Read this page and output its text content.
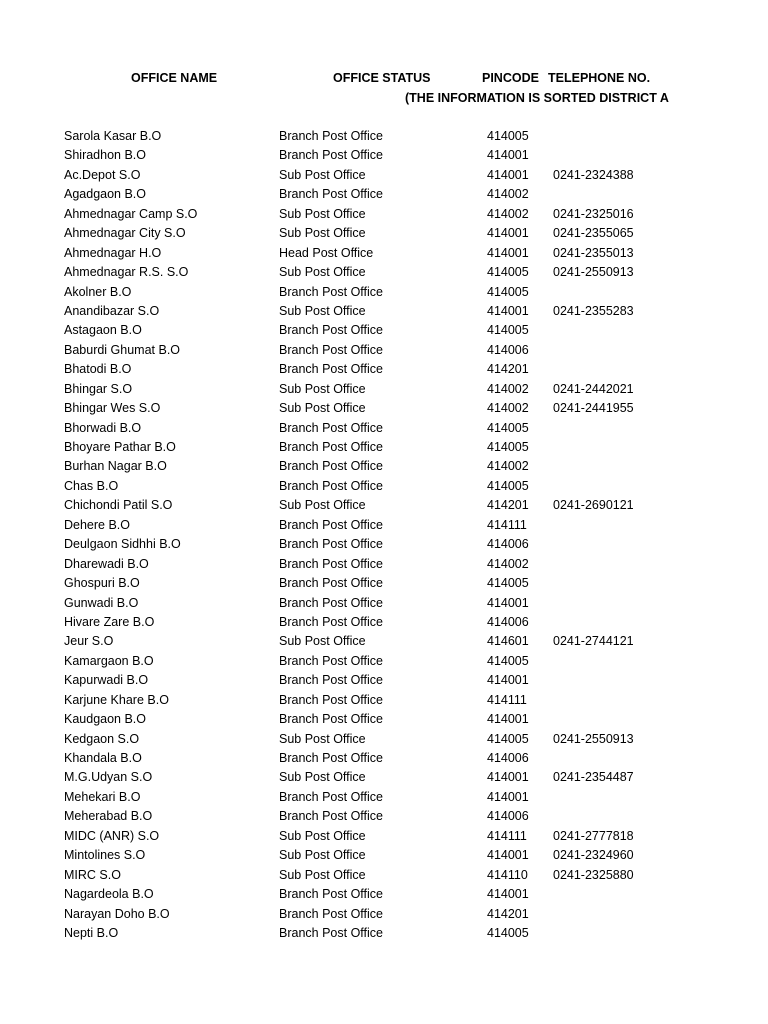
OFFICE NAME	OFFICE STATUS	PINCODE TELEPHONE NO.
(THE INFORMATION IS SORTED DISTRICT A
Sarola Kasar B.O	Branch Post Office	414005
Shiradhon B.O	Branch Post Office	414001
Ac.Depot S.O	Sub Post Office	414001 0241-2324388
Agadgaon B.O	Branch Post Office	414002
Ahmednagar Camp S.O	Sub Post Office	414002 0241-2325016
Ahmednagar City S.O	Sub Post Office	414001 0241-2355065
Ahmednagar H.O	Head Post Office	414001 0241-2355013
Ahmednagar R.S. S.O	Sub Post Office	414005 0241-2550913
Akolner B.O	Branch Post Office	414005
Anandibazar S.O	Sub Post Office	414001 0241-2355283
Astagaon B.O	Branch Post Office	414005
Baburdi Ghumat B.O	Branch Post Office	414006
Bhatodi B.O	Branch Post Office	414201
Bhingar S.O	Sub Post Office	414002 0241-2442021
Bhingar Wes S.O	Sub Post Office	414002 0241-2441955
Bhorwadi B.O	Branch Post Office	414005
Bhoyare Pathar B.O	Branch Post Office	414005
Burhan Nagar B.O	Branch Post Office	414002
Chas B.O	Branch Post Office	414005
Chichondi Patil S.O	Sub Post Office	414201 0241-2690121
Dehere B.O	Branch Post Office	414111
Deulgaon Sidhhi B.O	Branch Post Office	414006
Dharewadi B.O	Branch Post Office	414002
Ghospuri B.O	Branch Post Office	414005
Gunwadi B.O	Branch Post Office	414001
Hivare Zare B.O	Branch Post Office	414006
Jeur S.O	Sub Post Office	414601 0241-2744121
Kamargaon B.O	Branch Post Office	414005
Kapurwadi B.O	Branch Post Office	414001
Karjune Khare B.O	Branch Post Office	414111
Kaudgaon B.O	Branch Post Office	414001
Kedgaon S.O	Sub Post Office	414005 0241-2550913
Khandala B.O	Branch Post Office	414006
M.G.Udyan S.O	Sub Post Office	414001 0241-2354487
Mehekari B.O	Branch Post Office	414001
Meherabad B.O	Branch Post Office	414006
MIDC (ANR) S.O	Sub Post Office	414111 0241-2777818
Mintolines S.O	Sub Post Office	414001 0241-2324960
MIRC S.O	Sub Post Office	414110 0241-2325880
Nagardeola B.O	Branch Post Office	414001
Narayan Doho B.O	Branch Post Office	414201
Nepti B.O	Branch Post Office	414005
